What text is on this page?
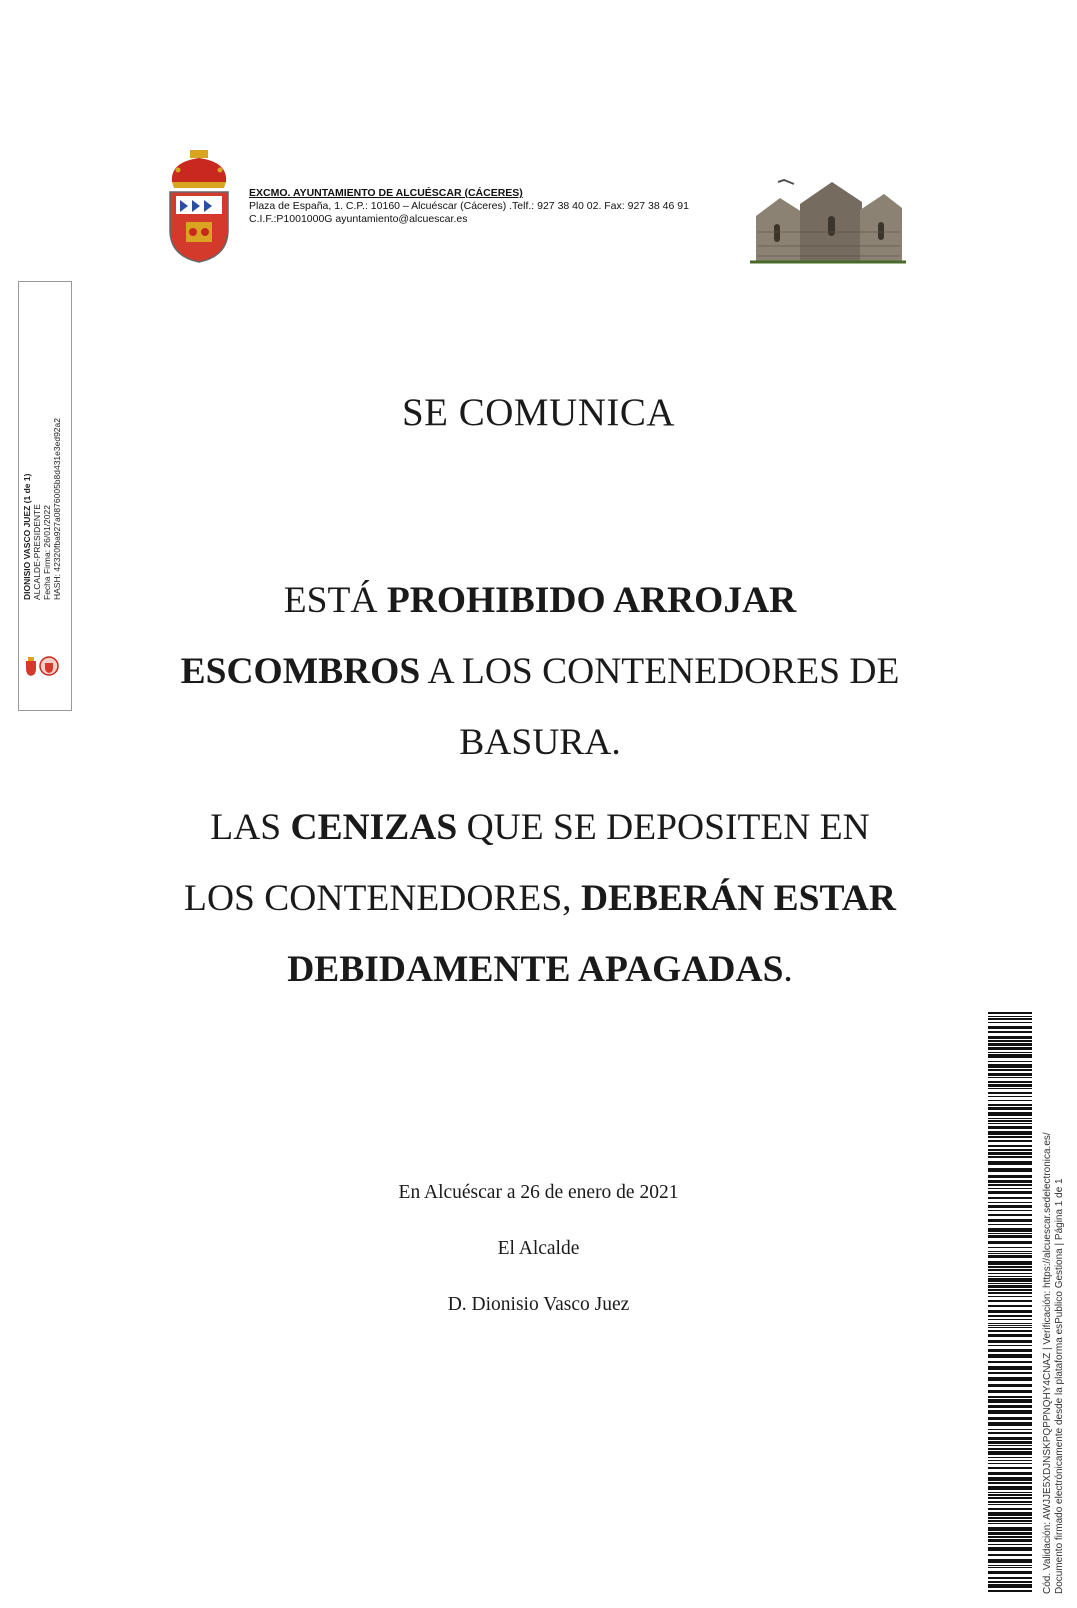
EXCMO. AYUNTAMIENTO DE ALCUÉSCAR (CÁCERES)
Plaza de España, 1. C.P.: 10160 – Alcuéscar (Cáceres) .Telf.: 927 38 40 02. Fax: 927 38 46 91
C.I.F.:P1001000G ayuntamiento@alcuescar.es
DIONISIO VASCO JUEZ (1 de 1) ALCALDE-PRESIDENTE Fecha Firma: 26/01/2022 HASH: 42320fba927a0876005b8d431e3ed92a2
SE COMUNICA

ESTÁ PROHIBIDO ARROJAR
ESCOMBROS A LOS CONTENEDORES DE
BASURA.

LAS CENIZAS QUE SE DEPOSITEN EN
LOS CONTENEDORES, DEBERÁN ESTAR
DEBIDAMENTE APAGADAS.

En Alcuéscar a 26 de enero de 2021
El Alcalde
D. Dionisio Vasco Juez	Cód. Validación: AWJJE5XDJNSKPQPPNQHY4CNAZ | Verificación: https://alcuescar.sedelectronica.es/ Documento firmado electrónicamente desde la plataforma esPublico Gestiona | Página 1 de 1
